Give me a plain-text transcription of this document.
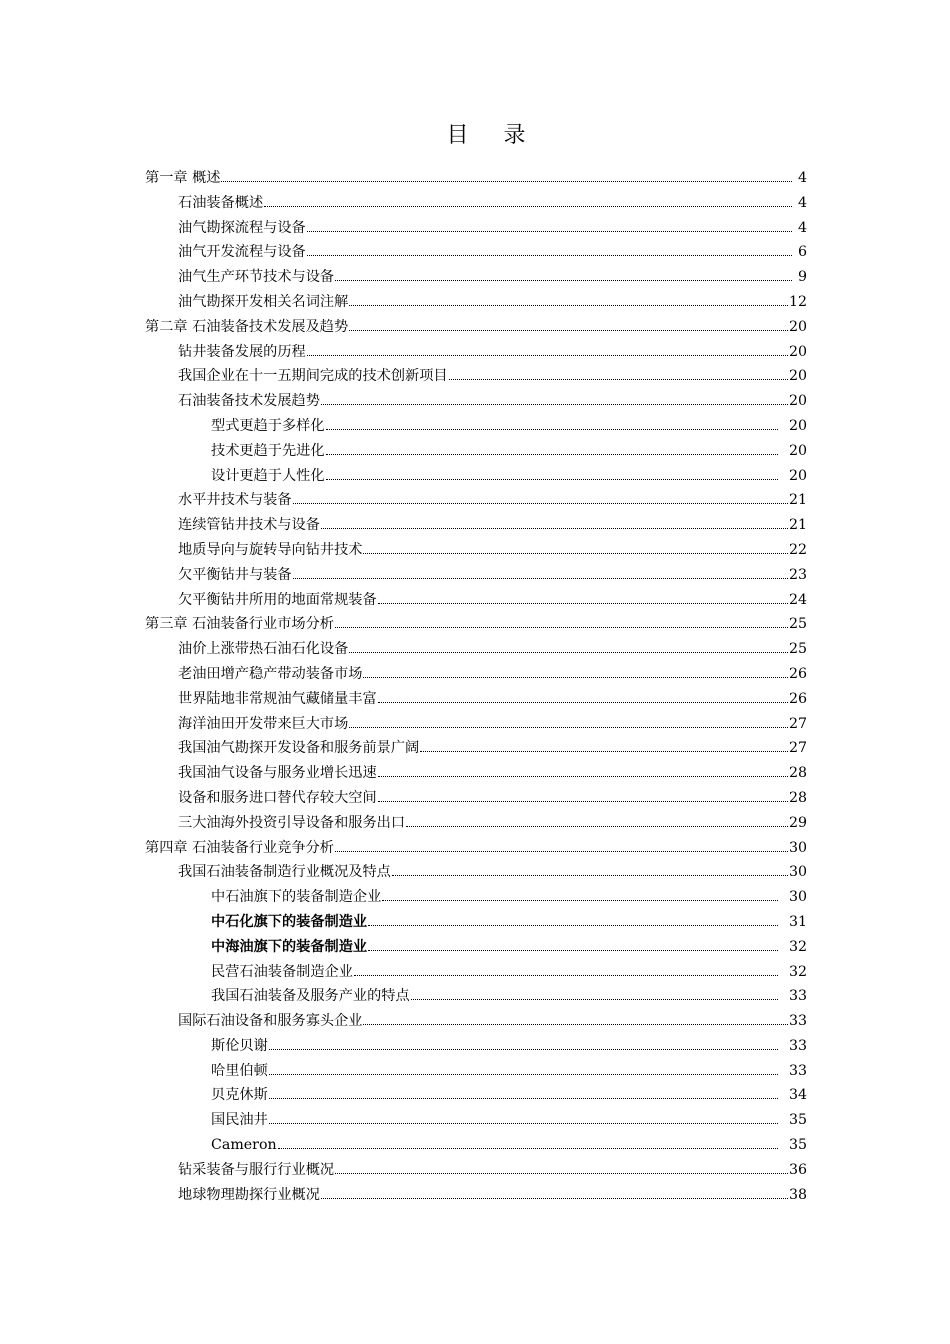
目 录
第一章 概述	4
石油装备概述	4
油气勘探流程与设备	4
油气开发流程与设备	6
油气生产环节技术与设备	9
油气勘探开发相关名词注解	12
第二章 石油装备技术发展及趋势	20
钻井装备发展的历程	20
我国企业在十一五期间完成的技术创新项目	20
石油装备技术发展趋势	20
型式更趋于多样化	20
技术更趋于先进化	20
设计更趋于人性化	20
水平井技术与装备	21
连续管钻井技术与设备	21
地质导向与旋转导向钻井技术	22
欠平衡钻井与装备	23
欠平衡钻井所用的地面常规装备	24
第三章 石油装备行业市场分析	25
油价上涨带热石油石化设备	25
老油田增产稳产带动装备市场	26
世界陆地非常规油气藏储量丰富	26
海洋油田开发带来巨大市场	27
我国油气勘探开发设备和服务前景广阔	27
我国油气设备与服务业增长迅速	28
设备和服务进口替代存较大空间	28
三大油海外投资引导设备和服务出口	29
第四章 石油装备行业竞争分析	30
我国石油装备制造行业概况及特点	30
中石油旗下的装备制造企业	30
中石化旗下的装备制造业	31
中海油旗下的装备制造业	32
民营石油装备制造企业	32
我国石油装备及服务产业的特点	33
国际石油设备和服务寡头企业	33
斯伦贝谢	33
哈里伯顿	33
贝克休斯	34
国民油井	35
Cameron	35
钻采装备与服行行业概况	36
地球物理勘探行业概况	38
